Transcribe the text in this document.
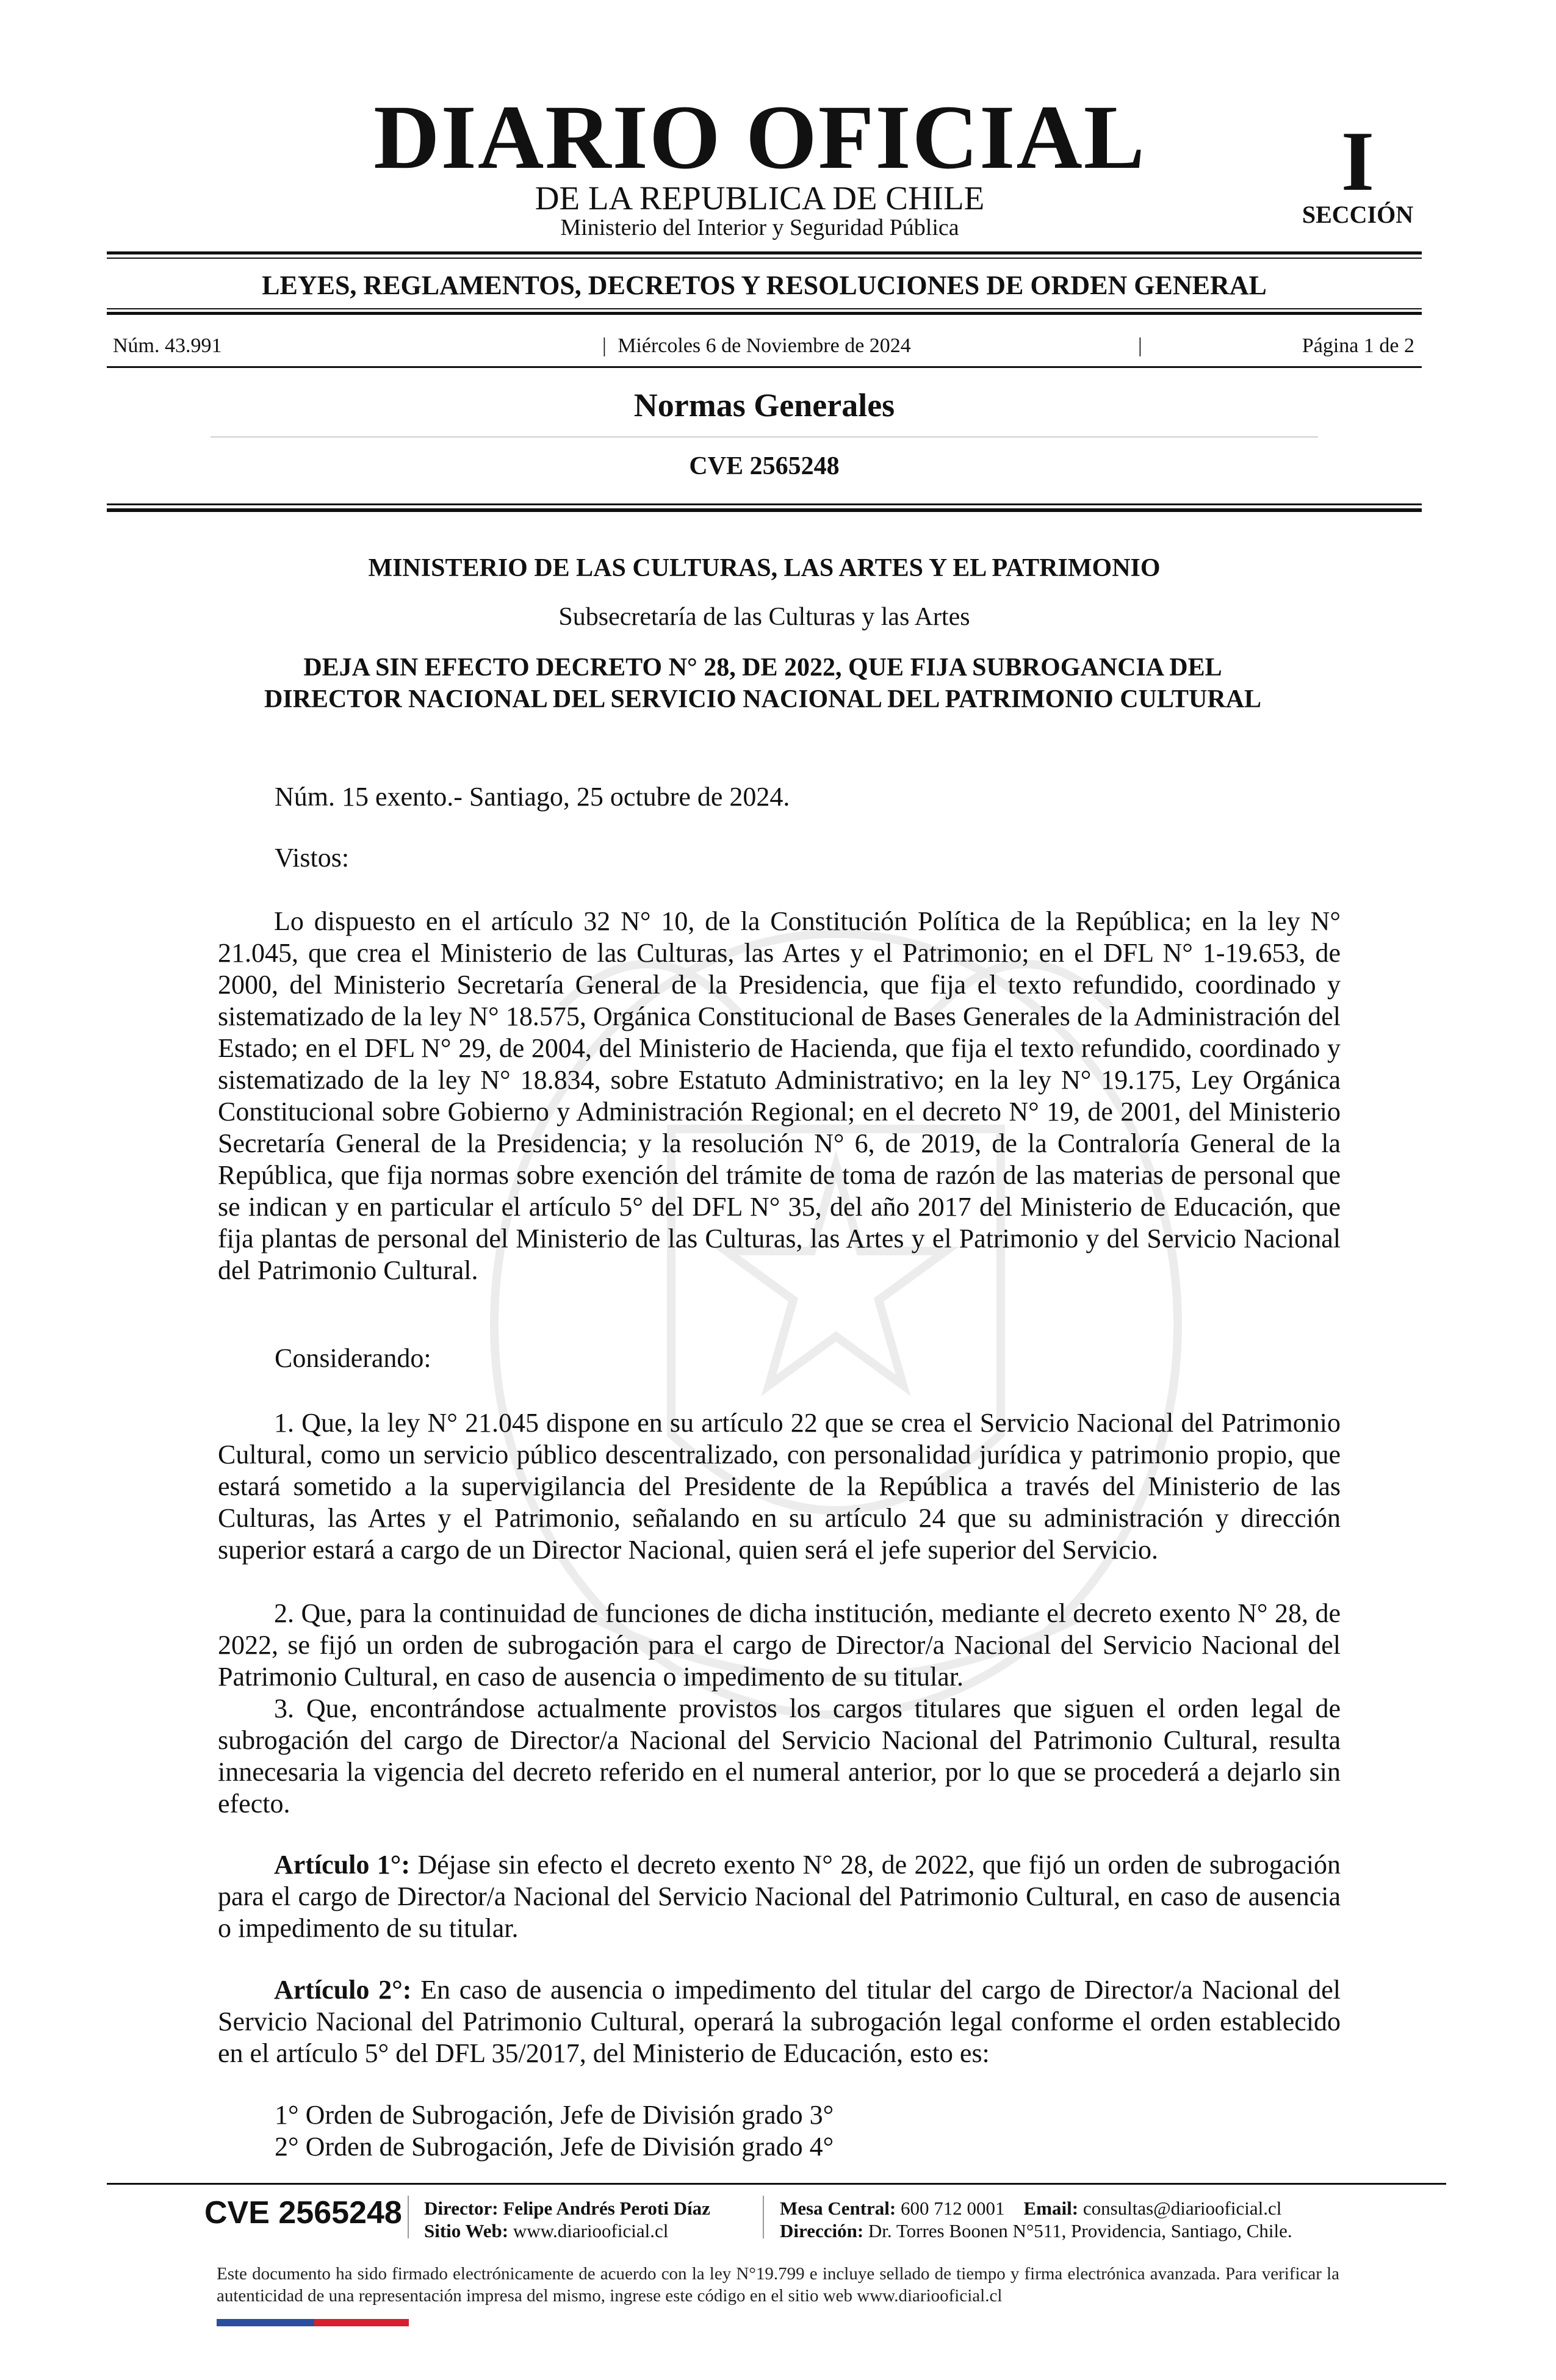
DIARIO OFICIAL
DE LA REPUBLICA DE CHILE
Ministerio del Interior y Seguridad Pública
I
SECCIÓN
LEYES, REGLAMENTOS, DECRETOS Y RESOLUCIONES DE ORDEN GENERAL
Núm. 43.991	| Miércoles 6 de Noviembre de 2024	|	Página 1 de 2
Normas Generales
CVE 2565248
MINISTERIO DE LAS CULTURAS, LAS ARTES Y EL PATRIMONIO
Subsecretaría de las Culturas y las Artes
DEJA SIN EFECTO DECRETO N° 28, DE 2022, QUE FIJA SUBROGANCIA DEL DIRECTOR NACIONAL DEL SERVICIO NACIONAL DEL PATRIMONIO CULTURAL
Núm. 15 exento.- Santiago, 25 octubre de 2024.
Vistos:
Lo dispuesto en el artículo 32 N° 10, de la Constitución Política de la República; en la ley N° 21.045, que crea el Ministerio de las Culturas, las Artes y el Patrimonio; en el DFL N° 1-19.653, de 2000, del Ministerio Secretaría General de la Presidencia, que fija el texto refundido, coordinado y sistematizado de la ley N° 18.575, Orgánica Constitucional de Bases Generales de la Administración del Estado; en el DFL N° 29, de 2004, del Ministerio de Hacienda, que fija el texto refundido, coordinado y sistematizado de la ley N° 18.834, sobre Estatuto Administrativo; en la ley N° 19.175, Ley Orgánica Constitucional sobre Gobierno y Administración Regional; en el decreto N° 19, de 2001, del Ministerio Secretaría General de la Presidencia; y la resolución N° 6, de 2019, de la Contraloría General de la República, que fija normas sobre exención del trámite de toma de razón de las materias de personal que se indican y en particular el artículo 5° del DFL N° 35, del año 2017 del Ministerio de Educación, que fija plantas de personal del Ministerio de las Culturas, las Artes y el Patrimonio y del Servicio Nacional del Patrimonio Cultural.
Considerando:
1. Que, la ley N° 21.045 dispone en su artículo 22 que se crea el Servicio Nacional del Patrimonio Cultural, como un servicio público descentralizado, con personalidad jurídica y patrimonio propio, que estará sometido a la supervigilancia del Presidente de la República a través del Ministerio de las Culturas, las Artes y el Patrimonio, señalando en su artículo 24 que su administración y dirección superior estará a cargo de un Director Nacional, quien será el jefe superior del Servicio.
2. Que, para la continuidad de funciones de dicha institución, mediante el decreto exento N° 28, de 2022, se fijó un orden de subrogación para el cargo de Director/a Nacional del Servicio Nacional del Patrimonio Cultural, en caso de ausencia o impedimento de su titular.
3. Que, encontrándose actualmente provistos los cargos titulares que siguen el orden legal de subrogación del cargo de Director/a Nacional del Servicio Nacional del Patrimonio Cultural, resulta innecesaria la vigencia del decreto referido en el numeral anterior, por lo que se procederá a dejarlo sin efecto.
Artículo 1°: Déjase sin efecto el decreto exento N° 28, de 2022, que fijó un orden de subrogación para el cargo de Director/a Nacional del Servicio Nacional del Patrimonio Cultural, en caso de ausencia o impedimento de su titular.
Artículo 2°: En caso de ausencia o impedimento del titular del cargo de Director/a Nacional del Servicio Nacional del Patrimonio Cultural, operará la subrogación legal conforme el orden establecido en el artículo 5° del DFL 35/2017, del Ministerio de Educación, esto es:
1° Orden de Subrogación, Jefe de División grado 3°
2° Orden de Subrogación, Jefe de División grado 4°
CVE 2565248 Director: Felipe Andrés Peroti Díaz
Sitio Web: www.diariooficial.cl
Mesa Central: 600 712 0001 Email: consultas@diariooficial.cl
Dirección: Dr. Torres Boonen N°511, Providencia, Santiago, Chile.
Este documento ha sido firmado electrónicamente de acuerdo con la ley N°19.799 e incluye sellado de tiempo y firma electrónica avanzada. Para verificar la autenticidad de una representación impresa del mismo, ingrese este código en el sitio web www.diariooficial.cl
